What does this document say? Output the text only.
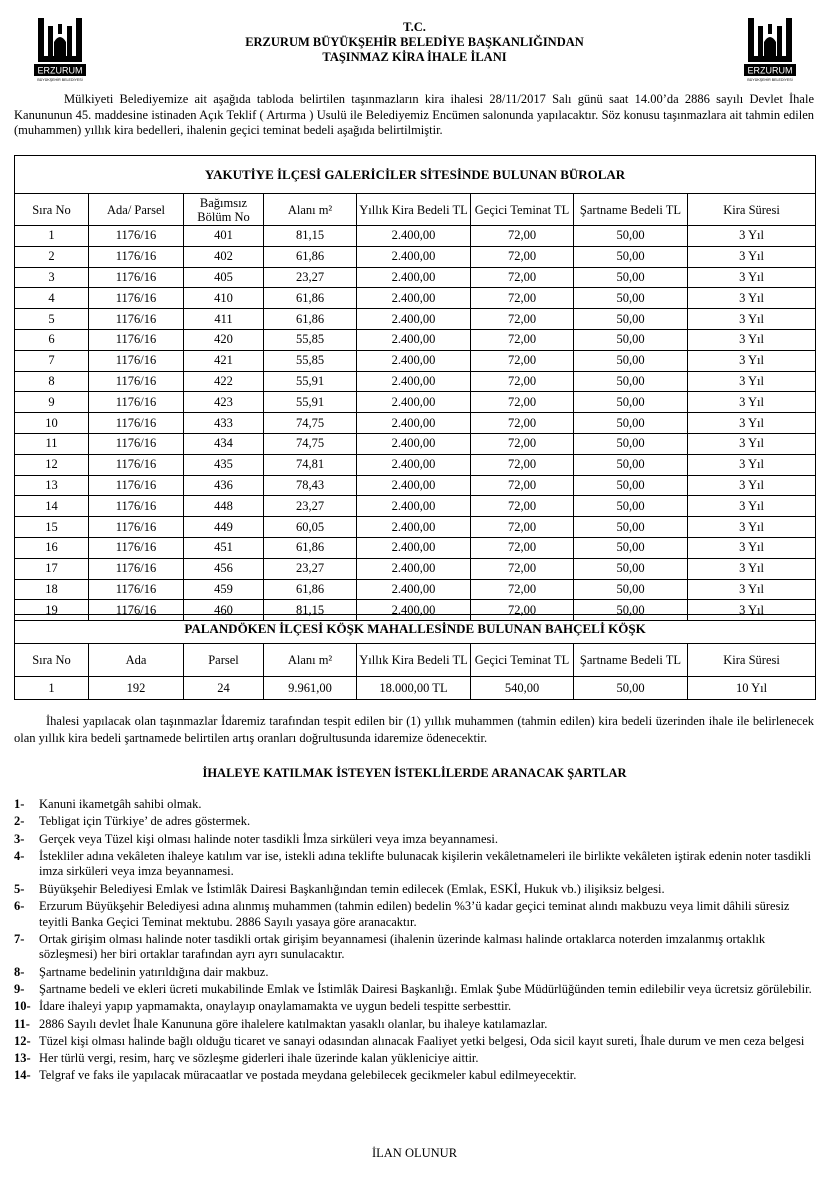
ERZURUM
BÜYÜKŞEHİR BELEDİYESİ
ERZURUM
BÜYÜKŞEHİR BELEDİYESİ
T.C.
ERZURUM BÜYÜKŞEHİR BELEDİYE BAŞKANLIĞINDAN
TAŞINMAZ KİRA İHALE İLANI
Mülkiyeti Belediyemize ait aşağıda tabloda belirtilen taşınmazların kira ihalesi 28/11/2017 Salı günü saat 14.00’da 2886 sayılı Devlet İhale Kanununun 45. maddesine istinaden Açık Teklif ( Artırma ) Usulü ile Belediyemiz Encümen salonunda yapılacaktır. Söz konusu taşınmazlara ait tahmin edilen (muhammen) yıllık kira bedelleri, ihalenin geçici teminat bedeli aşağıda belirtilmiştir.
YAKUTİYE İLÇESİ GALERİCİLER SİTESİNDE BULUNAN BÜROLAR							
Sıra No	Ada/ Parsel	Bağımsız Bölüm No	Alanı m²	Yıllık Kira Bedeli TL	Geçici Teminat TL	Şartname Bedeli TL	Kira Süresi
1	1176/16	401	81,15	2.400,00	72,00	50,00	3 Yıl
2	1176/16	402	61,86	2.400,00	72,00	50,00	3 Yıl
3	1176/16	405	23,27	2.400,00	72,00	50,00	3 Yıl
4	1176/16	410	61,86	2.400,00	72,00	50,00	3 Yıl
5	1176/16	411	61,86	2.400,00	72,00	50,00	3 Yıl
6	1176/16	420	55,85	2.400,00	72,00	50,00	3 Yıl
7	1176/16	421	55,85	2.400,00	72,00	50,00	3 Yıl
8	1176/16	422	55,91	2.400,00	72,00	50,00	3 Yıl
9	1176/16	423	55,91	2.400,00	72,00	50,00	3 Yıl
10	1176/16	433	74,75	2.400,00	72,00	50,00	3 Yıl
11	1176/16	434	74,75	2.400,00	72,00	50,00	3 Yıl
12	1176/16	435	74,81	2.400,00	72,00	50,00	3 Yıl
13	1176/16	436	78,43	2.400,00	72,00	50,00	3 Yıl
14	1176/16	448	23,27	2.400,00	72,00	50,00	3 Yıl
15	1176/16	449	60,05	2.400,00	72,00	50,00	3 Yıl
16	1176/16	451	61,86	2.400,00	72,00	50,00	3 Yıl
17	1176/16	456	23,27	2.400,00	72,00	50,00	3 Yıl
18	1176/16	459	61,86	2.400,00	72,00	50,00	3 Yıl
19	1176/16	460	81,15	2.400,00	72,00	50,00	3 Yıl
PALANDÖKEN İLÇESİ KÖŞK MAHALLESİNDE BULUNAN BAHÇELİ KÖŞK							
Sıra No	Ada	Parsel	Alanı m²	Yıllık Kira Bedeli TL	Geçici Teminat TL	Şartname Bedeli TL	Kira Süresi
1	192	24	9.961,00	18.000,00 TL	540,00	50,00	10 Yıl
İhalesi yapılacak olan taşınmazlar İdaremiz tarafından tespit edilen bir (1) yıllık muhammen (tahmin edilen) kira bedeli üzerinden ihale ile belirlenecek olan yıllık kira bedeli şartnamede belirtilen artış oranları doğrultusunda idaremize ödenecektir.
İHALEYE KATILMAK İSTEYEN İSTEKLİLERDE ARANACAK ŞARTLAR
1- Kanuni ikametgâh sahibi olmak.
2- Tebligat için Türkiye’ de adres göstermek.
3- Gerçek veya Tüzel kişi olması halinde noter tasdikli İmza sirküleri veya imza beyannamesi.
4- İstekliler adına vekâleten ihaleye katılım var ise, istekli adına teklifte bulunacak kişilerin vekâletnameleri ile birlikte vekâleten iştirak edenin noter tasdikli imza sirküleri veya imza beyannamesi.
5- Büyükşehir Belediyesi Emlak ve İstimlâk Dairesi Başkanlığından temin edilecek (Emlak, ESKİ, Hukuk vb.) ilişiksiz belgesi.
6- Erzurum Büyükşehir Belediyesi adına alınmış muhammen (tahmin edilen) bedelin %3’ü kadar geçici teminat alındı makbuzu veya limit dâhili süresiz teyitli Banka Geçici Teminat mektubu. 2886 Sayılı yasaya göre aranacaktır.
7- Ortak girişim olması halinde noter tasdikli ortak girişim beyannamesi (ihalenin üzerinde kalması halinde ortaklarca noterden imzalanmış ortaklık sözleşmesi) her biri ortaklar tarafından ayrı ayrı sunulacaktır.
8- Şartname bedelinin yatırıldığına dair makbuz.
9- Şartname bedeli ve ekleri ücreti mukabilinde Emlak ve İstimlâk Dairesi Başkanlığı. Emlak Şube Müdürlüğünden temin edilebilir veya ücretsiz görülebilir.
10- İdare ihaleyi yapıp yapmamakta, onaylayıp onaylamamakta ve uygun bedeli tespitte serbesttir.
11- 2886 Sayılı devlet İhale Kanununa göre ihalelere katılmaktan yasaklı olanlar, bu ihaleye katılamazlar.
12- Tüzel kişi olması halinde bağlı olduğu ticaret ve sanayi odasından alınacak Faaliyet yetki belgesi, Oda sicil kayıt sureti, İhale durum ve men ceza belgesi
13- Her türlü vergi, resim, harç ve sözleşme giderleri ihale üzerinde kalan yükleniciye aittir.
14- Telgraf ve faks ile yapılacak müracaatlar ve postada meydana gelebilecek gecikmeler kabul edilmeyecektir.
İLAN OLUNUR
